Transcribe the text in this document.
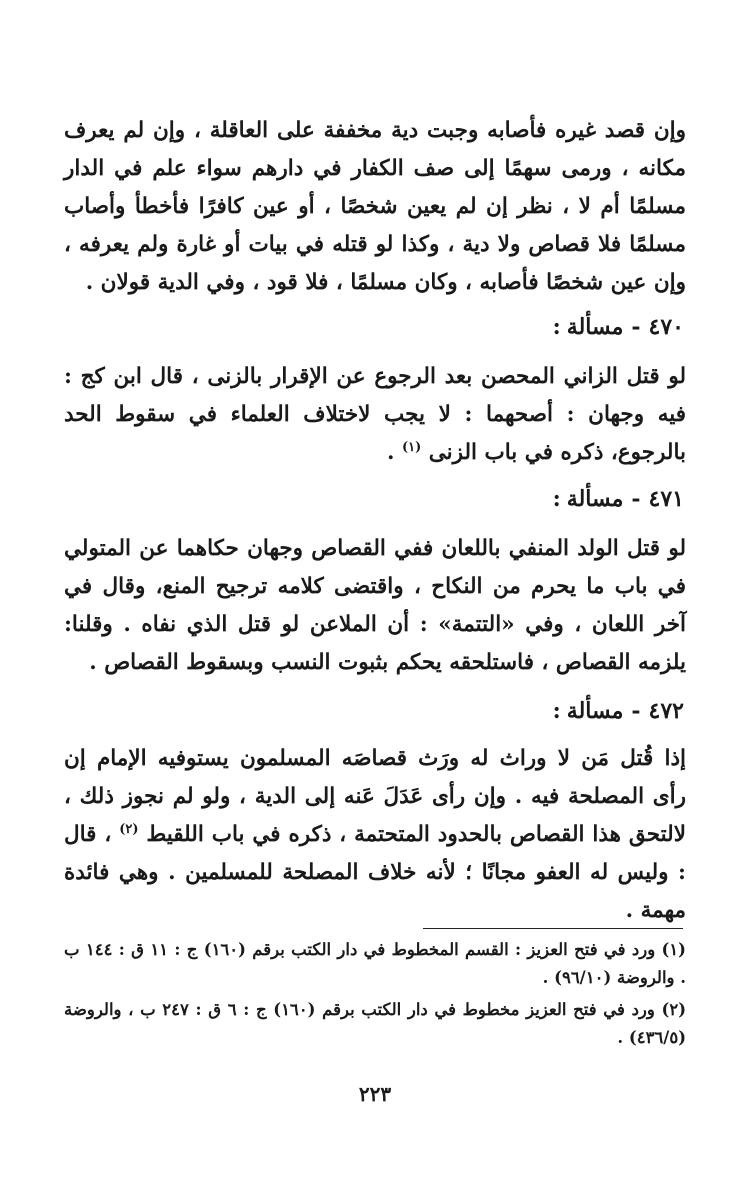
وإن قصد غيره فأصابه وجبت دية مخففة على العاقلة ، وإن لم يعرف مكانه ، ورمى سهمًا إلى صف الكفار في دارهم سواء علم في الدار مسلمًا أم لا ، نظر إن لم يعين شخصًا ، أو عين كافرًا فأخطأ وأصاب مسلمًا فلا قصاص ولا دية ، وكذا لو قتله في بيات أو غارة ولم يعرفه ، وإن عين شخصًا فأصابه ، وكان مسلمًا ، فلا قود ، وفي الدية قولان .
٤٧٠-مسألة:
لو قتل الزاني المحصن بعد الرجوع عن الإقرار بالزنى ، قال ابن كج : فيه وجهان : أصحهما : لا يجب لاختلاف العلماء في سقوط الحد بالرجوع، ذكره في باب الزنى $^{(١)}$ .
٤٧١-مسألة:
لو قتل الولد المنفي باللعان ففي القصاص وجهان حكاهما عن المتولي في باب ما يحرم من النكاح ، واقتضى كلامه ترجيح المنع، وقال في آخر اللعان ، وفي «التتمة» : أن الملاعن لو قتل الذي نفاه . وقلنا: يلزمه القصاص ، فاستلحقه يحكم بثبوت النسب وبسقوط القصاص .
٤٧٢-مسألة:
إذا قُتل مَن لا وراث له ورَث قصاصَه المسلمون يستوفيه الإمام إن رأى المصلحة فيه . وإن رأى عَدَلَ عَنه إلى الدية ، ولو لم نجوز ذلك ، لالتحق هذا القصاص بالحدود المتحتمة ، ذكره في باب اللقيط $^{(٢)}$ ، قال : وليس له العفو مجانًا ؛ لأنه خلاف المصلحة للمسلمين . وهي فائدة مهمة .

(١) ورد في فتح العزيز : القسم المخطوط في دار الكتب برقم (١٦٠) ج : ١١ ق : ١٤٤ ب . والروضة (٩٦/١٠) .

(٢) ورد في فتح العزيز مخطوط في دار الكتب برقم (١٦٠) ج : ٦ ق : ٢٤٧ ب ، والروضة (٤٣٦/٥) .

٢٢٣
